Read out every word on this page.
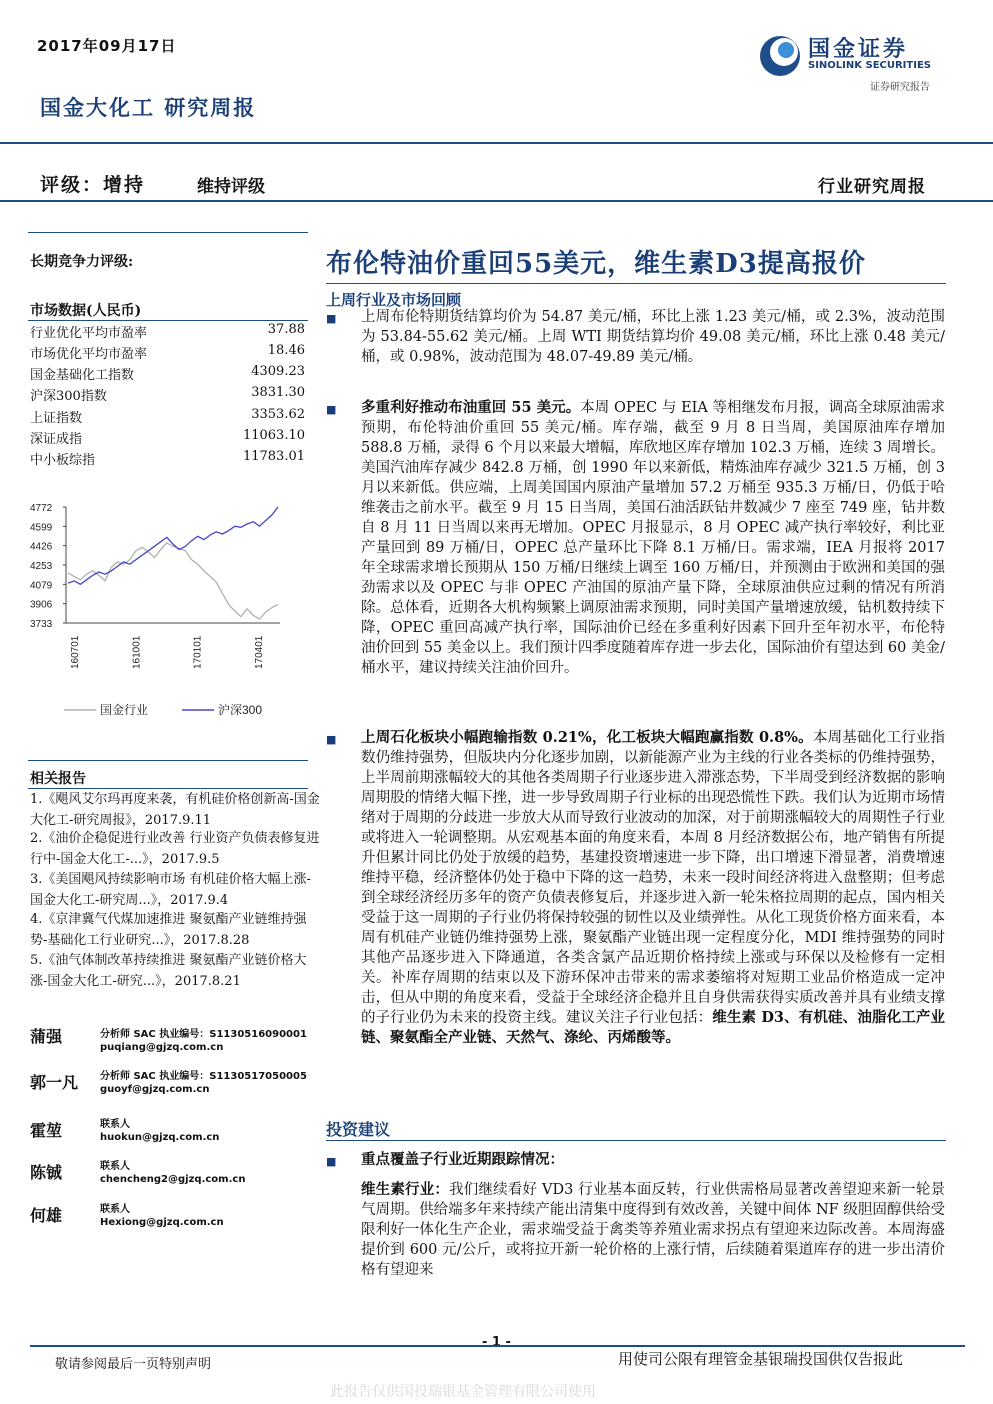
2017年09月17日
国金大化工 研究周报
国金证券
SINOLINK SECURITIES
证券研究报告
评级：增持	维持评级	行业研究周报
长期竞争力评级:
市场数据(人民币)
行业优化平均市盈率	37.88
市场优化平均市盈率	18.46
国金基础化工指数	4309.23
沪深300指数	3831.30
上证指数	3353.62
深证成指	11063.10
中小板综指	11783.01
4772
4599
4426
4253
4079
3906
3733
160701	161001	170101	170401
国金行业	沪深300
相关报告
1.《飓风艾尔玛再度来袭，有机硅价格创新高-国金大化工-研究周报》，2017.9.11
2.《油价企稳促进行业改善 行业资产负债表修复进行中-国金大化工-...》，2017.9.5
3.《美国飓风持续影响市场 有机硅价格大幅上涨-国金大化工-研究周...》，2017.9.4
4.《京津冀气代煤加速推进 聚氨酯产业链维持强势-基础化工行业研究...》，2017.8.28
5.《油气体制改革持续推进 聚氨酯产业链价格大涨-国金大化工-研究...》，2017.8.21
蒲强	分析师 SAC 执业编号：S1130516090001
puqiang@gjzq.com.cn
郭一凡 分析师 SAC 执业编号：S1130517050005
guoyf@gjzq.com.cn
霍堃	联系人
huokun@gjzq.com.cn
陈铖	联系人
chencheng2@gjzq.com.cn
何雄	联系人
Hexiong@gjzq.com.cn
布伦特油价重回55美元，维生素D3提高报价
上周行业及市场回顾
■ 上周布伦特期货结算均价为 54.87 美元/桶，环比上涨 1.23 美元/桶，或 2.3%，波动范围为 53.84-55.62 美元/桶。上周 WTI 期货结算均价 49.08 美元/桶，环比上涨 0.48 美元/桶，或 0.98%，波动范围为 48.07-49.89 美元/桶。
■ 多重利好推动布油重回 55 美元。本周 OPEC 与 EIA 等相继发布月报，调高全球原油需求预期，布伦特油价重回 55 美元/桶。库存端，截至 9 月 8 日当周，美国原油库存增加 588.8 万桶，录得 6 个月以来最大增幅，库欣地区库存增加 102.3 万桶，连续 3 周增长。美国汽油库存减少 842.8 万桶，创 1990 年以来新低，精炼油库存减少 321.5 万桶，创 3 月以来新低。供应端，上周美国国内原油产量增加 57.2 万桶至 935.3 万桶/日，仍低于哈维袭击之前水平。截至 9 月 15 日当周，美国石油活跃钻井数减少 7 座至 749 座，钻井数自 8 月 11 日当周以来再无增加。OPEC 月报显示，8 月 OPEC 减产执行率较好，利比亚产量回到 89 万桶/日，OPEC 总产量环比下降 8.1 万桶/日。需求端，IEA 月报将 2017 年全球需求增长预期从 150 万桶/日继续上调至 160 万桶/日，并预测由于欧洲和美国的强劲需求以及 OPEC 与非 OPEC 产油国的原油产量下降，全球原油供应过剩的情况有所消除。总体看，近期各大机构频繁上调原油需求预期，同时美国产量增速放缓，钻机数持续下降，OPEC 重回高减产执行率，国际油价已经在多重利好因素下回升至年初水平，布伦特油价回到 55 美金以上。我们预计四季度随着库存进一步去化，国际油价有望达到 60 美金/桶水平，建议持续关注油价回升。
■ 上周石化板块小幅跑输指数 0.21%，化工板块大幅跑赢指数 0.8%。本周基础化工行业指数仍维持强势，但版块内分化逐步加剧，以新能源产业为主线的行业各类标的仍维持强势，上半周前期涨幅较大的其他各类周期子行业逐步进入滞涨态势，下半周受到经济数据的影响周期股的情绪大幅下挫，进一步导致周期子行业标的出现恐慌性下跌。我们认为近期市场情绪对于周期的分歧进一步放大从而导致行业波动的加深，对于前期涨幅较大的周期性子行业或将进入一轮调整期。从宏观基本面的角度来看，本周 8 月经济数据公布，地产销售有所提升但累计同比仍处于放缓的趋势，基建投资增速进一步下降，出口增速下滑显著，消费增速维持平稳，经济整体仍处于稳中下降的这一趋势，未来一段时间经济将进入盘整期；但考虑到全球经济经历多年的资产负债表修复后，并逐步进入新一轮朱格拉周期的起点，国内相关受益于这一周期的子行业仍将保持较强的韧性以及业绩弹性。从化工现货价格方面来看，本周有机硅产业链仍维持强势上涨，聚氨酯产业链出现一定程度分化，MDI 维持强势的同时其他产品逐步进入下降通道，各类含氯产品近期价格持续上涨或与环保以及检修有一定相关。补库存周期的结束以及下游环保冲击带来的需求萎缩将对短期工业品价格造成一定冲击，但从中期的角度来看，受益于全球经济企稳并且自身供需获得实质改善并具有业绩支撑的子行业仍为未来的投资主线。建议关注子行业包括：维生素 D3、有机硅、油脂化工产业链、聚氨酯全产业链、天然气、涤纶、丙烯酸等。
投资建议
■ 重点覆盖子行业近期跟踪情况：
维生素行业：我们继续看好 VD3 行业基本面反转，行业供需格局显著改善望迎来新一轮景气周期。供给端多年来持续产能出清集中度得到有效改善，关键中间体 NF 级胆固醇供给受限利好一体化生产企业，需求端受益于禽类等养殖业需求拐点有望迎来边际改善。本周海盛提价到 600 元/公斤，或将拉开新一轮价格的上涨行情，后续随着渠道库存的进一步出清价格有望迎来
- 1 -
敬请参阅最后一页特别声明	用使司公限有理管金基银瑞投国供仅告报此
此报告仅供国投瑞银基金管理有限公司使用
